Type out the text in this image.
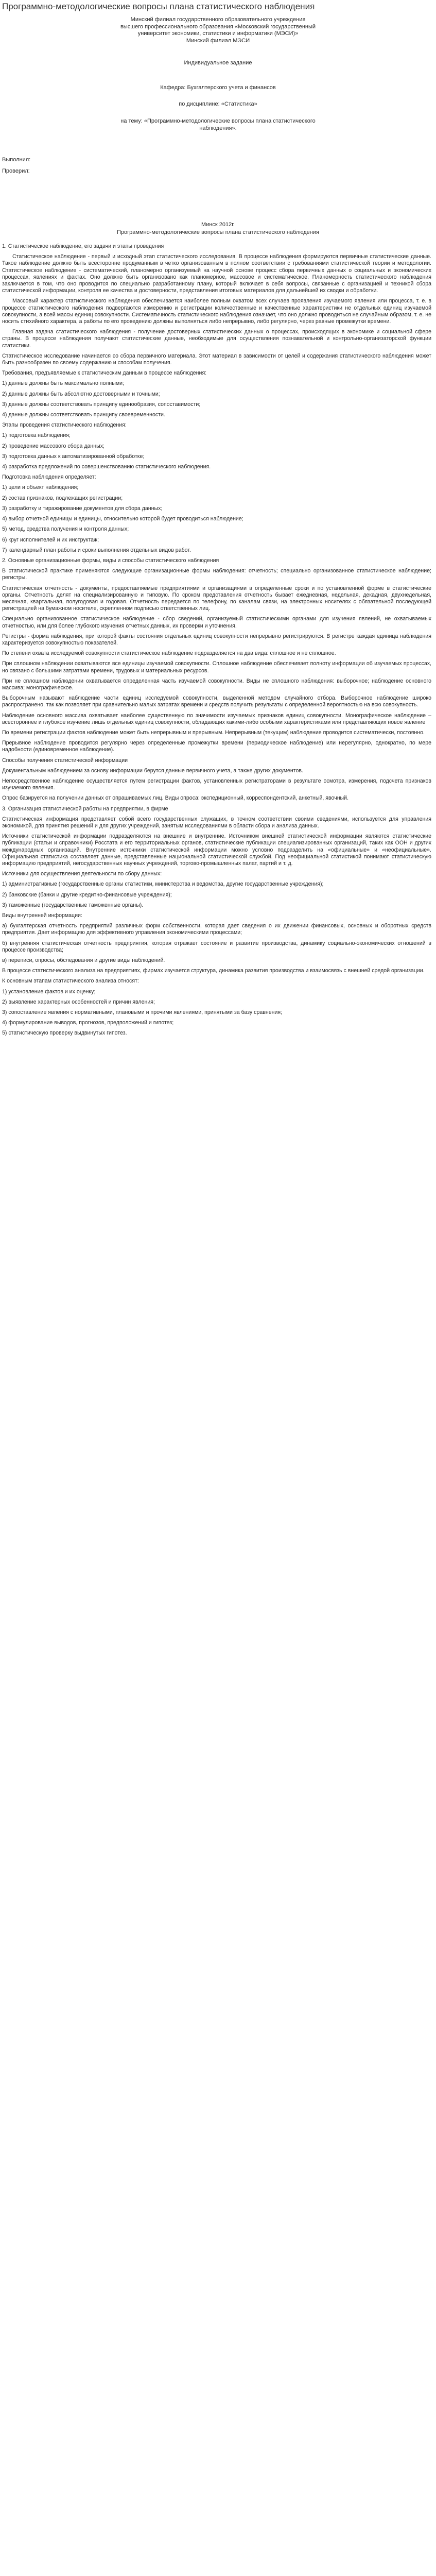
Программно-методологические вопросы плана статистического наблюдения
Минский филиал государственного образовательного учреждения
высшего профессионального образования «Московский государственный
университет экономики, статистики и информатики (МЭСИ)»
Минский филиал МЭСИ
Индивидуальное задание
Кафедра: Бухгалтерского учета и финансов
по дисциплине: «Статистика»
на тему: «Программно-методологические вопросы плана статистического
наблюдения».
Выполнил:
Проверил:
Минск 2012г.
Программно-методологические вопросы плана статистического наблюдения

1. Статистическое наблюдение, его задачи и этапы проведения

Статистическое наблюдение - первый и исходный этап статистического исследования. В процессе наблюдения формируются первичные статистические данные. Такое наблюдение должно быть всесторонне продуманным в четко организованным в полном соответствии с требованиями статистической теории и методологии. Статистическое наблюдение - систематический, планомерно организуемый на научной основе процесс сбора первичных данных о социальных и экономических процессах, явлениях и фактах. Оно должно быть организовано как планомерное, массовое и систематическое. Планомерность статистического наблюдения заключается в том, что оно проводится по специально разработанному плану, который включает в себя вопросы, связанные с организацией и техникой сбора статистической информации, контроля ее качества и достоверности, представления итоговых материалов для дальнейшей их сводки и обработки.

Массовый характер статистического наблюдения обеспечивается наиболее полным охватом всех случаев проявления изучаемого явления или процесса, т. е. в процессе статистического наблюдения подвергаются измерению и регистрации количественные и качественные характеристики не отдельных единиц изучаемой совокупности, а всей массы единиц совокупности. Систематичность статистического наблюдения означает, что оно должно проводиться не случайным образом, т. е. не носить стихийного характера, а работы по его проведению должны выполняться либо непрерывно, либо регулярно, через равные промежутки времени.

Главная задача статистического наблюдения - получение достоверных статистических данных о процессах, происходящих в экономике и социальной сфере страны. В процессе наблюдения получают статистические данные, необходимые для осуществления познавательной и контрольно-организаторской функции статистики.

Статистическое исследование начинается со сбора первичного материала. Этот материал в зависимости от целей и содержания статистического наблюдения может быть разнообразен по своему содержанию и способам получения.

Требования, предъявляемые к статистическим данным в процессе наблюдения:

1) данные должны быть максимально полными;

2) данные должны быть абсолютно достоверными и точными;

3) данные должны соответствовать принципу единообразия, сопоставимости;

4) данные должны соответствовать принципу своевременности.

Этапы проведения статистического наблюдения:

1) подготовка наблюдения;

2) проведение массового сбора данных;

3) подготовка данных к автоматизированной обработке;

4) разработка предложений по совершенствованию статистического наблюдения.

Подготовка наблюдения определяет:

1) цели и объект наблюдения;

2) состав признаков, подлежащих регистрации;

3) разработку и тиражирование документов для сбора данных;

4) выбор отчетной единицы и единицы, относительно которой будет проводиться наблюдение;

5) метод, средства получения и контроля данных;

6) круг исполнителей и их инструктаж;

7) календарный план работы и сроки выполнения отдельных видов работ.

2. Основные организационные формы, виды и способы статистического наблюдения

В статистической практике применяются следующие организационные формы наблюдения: отчетность; специально организованное статистическое наблюдение; регистры.

Статистическая отчетность - документы, предоставляемые предприятиями и организациями в определенные сроки и по установленной форме в статистические органы. Отчетность делят на специализированную и типовую. По сроком представления отчетность бывает ежедневная, недельная, декадная, двухнедельная, месячная, квартальная, полугодовая и годовая. Отчетность передается по телефону, по каналам связи, на электронных носителях с обязательной последующей регистрацией на бумажном носителе, скрепленном подписью ответственных лиц.

Специально организованное статистическое наблюдение - сбор сведений, организуемый статистическими органами для изучения явлений, не охватываемых отчетностью, или для более глубокого изучения отчетных данных, их проверки и уточнения.

Регистры - форма наблюдения, при которой факты состояния отдельных единиц совокупности непрерывно регистрируются. В регистре каждая единица наблюдения характеризуется совокупностью показателей.

По степени охвата исследуемой совокупности статистическое наблюдение подразделяется на два вида: сплошное и не сплошное.

При сплошном наблюдении охватываются все единицы изучаемой совокупности. Сплошное наблюдение обеспечивает полноту информации об изучаемых процессах, но связано с большими затратами времени, трудовых и материальных ресурсов.

При не сплошном наблюдении охватывается определенная часть изучаемой совокупности. Виды не сплошного наблюдения: выборочное; наблюдение основного массива; монографическое.

Выборочным называют наблюдение части единиц исследуемой совокупности, выделенной методом случайного отбора. Выборочное наблюдение широко распространено, так как позволяет при сравнительно малых затратах времени и средств получить результаты с определенной вероятностью на всю совокупность.

Наблюдение основного массива охватывает наиболее существенную по значимости изучаемых признаков единиц совокупности. Монографическое наблюдение – всестороннее и глубокое изучение лишь отдельных единиц совокупности, обладающих какими-либо особыми характеристиками или представляющих новое явление

По времени регистрации фактов наблюдение может быть непрерывным и прерывным. Непрерывным (текущим) наблюдение проводится систематически, постоянно.

Прерывное наблюдение проводится регулярно через определенные промежутки времени (периодическое наблюдение) или нерегулярно, однократно, по мере надобности (единовременное наблюдение).

Способы получения статистической информации

Документальным наблюдением за основу информации берутся данные первичного учета, а также других документов.

Непосредственное наблюдение осуществляется путем регистрации фактов, установленных регистраторами в результате осмотра, измерения, подсчета признаков изучаемого явления.

Опрос базируется на получении данных от опрашиваемых лиц. Виды опроса: экспедиционный, корреспондентский, анкетный, явочный.

3. Организация статистической работы на предприятии, в фирме

Статистическая информация представляет собой всего государственных служащих, в точном соответствии своими сведениями, используется для управления экономикой, для принятия решений и для других учреждений, занятым исследованиями в области сбора и анализа данных.

Источники статистической информации подразделяются на внешние и внутренние. Источником внешней статистической информации являются статистические публикации (статьи и справочники) Росстата и его территориальных органов, статистические публикации специализированных организаций, таких как ООН и других международных организаций. Внутренние источники статистической информации можно условно подразделить на «официальные» и «неофициальные». Официальная статистика составляет данные, представленные национальной статистической службой. Под неофициальной статистикой понимают статистическую информацию предприятий, негосударственных научных учреждений, торгово-промышленных палат, партий и т. д.

Источники для осуществления деятельности по сбору данных:

1) административные (государственные органы статистики, министерства и ведомства, другие государственные учреждения);

2) банковские (банки и другие кредитно-финансовые учреждения);

3) таможенные (государственные таможенные органы).

Виды внутренней информации:

а) бухгалтерская отчетность предприятий различных форм собственности, которая дает сведения о их движении финансовых, основных и оборотных средств предприятия. Дает информацию для эффективного управления экономическими процессами;

б) внутренняя статистическая отчетность предприятия, которая отражает состояние и развитие производства, динамику социально-экономических отношений в процессе производства;

в) переписи, опросы, обследования и другие виды наблюдений.

В процессе статистического анализа на предприятиях, фирмах изучается структура, динамика развития производства и взаимосвязь с внешней средой организации.

К основным этапам статистического анализа относят:

1) установление фактов и их оценку;

2) выявление характерных особенностей и причин явления;

3) сопоставление явления с нормативными, плановыми и прочими явлениями, принятыми за базу сравнения;

4) формулирование выводов, прогнозов, предположений и гипотез;

5) статистическую проверку выдвинутых гипотез.
